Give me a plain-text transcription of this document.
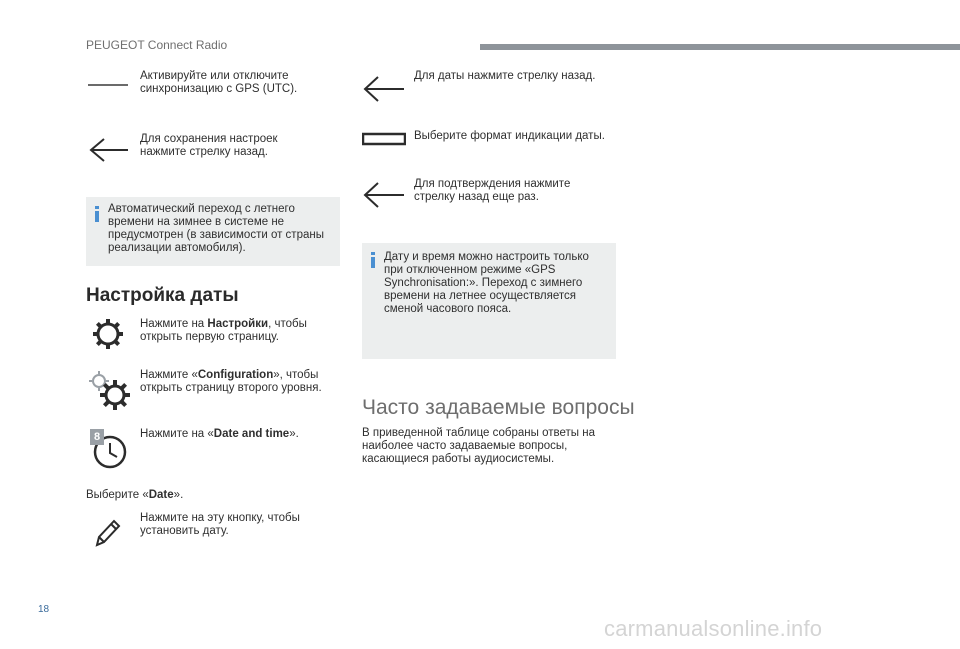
PEUGEOT Connect Radio
Активируйте или отключите синхронизацию с GPS (UTC).
Для сохранения настроек нажмите стрелку назад.
Автоматический переход с летнего времени на зимнее в системе не предусмотрен (в зависимости от страны реализации автомобиля).
Настройка даты
Нажмите на Настройки, чтобы открыть первую страницу.
Нажмите «Configuration», чтобы открыть страницу второго уровня.
8	Нажмите на «Date and time».
Выберите «Date».
Нажмите на эту кнопку, чтобы установить дату.
Для даты нажмите стрелку назад.
Выберите формат индикации даты.
Для подтверждения нажмите стрелку назад еще раз.
Дату и время можно настроить только при отключенном режиме «GPS Synchronisation:». Переход с зимнего времени на летнее осуществляется сменой часового пояса.
Часто задаваемые вопросы
В приведенной таблице собраны ответы на наиболее часто задаваемые вопросы, касающиеся работы аудиосистемы.
18
carmanualsonline.info
